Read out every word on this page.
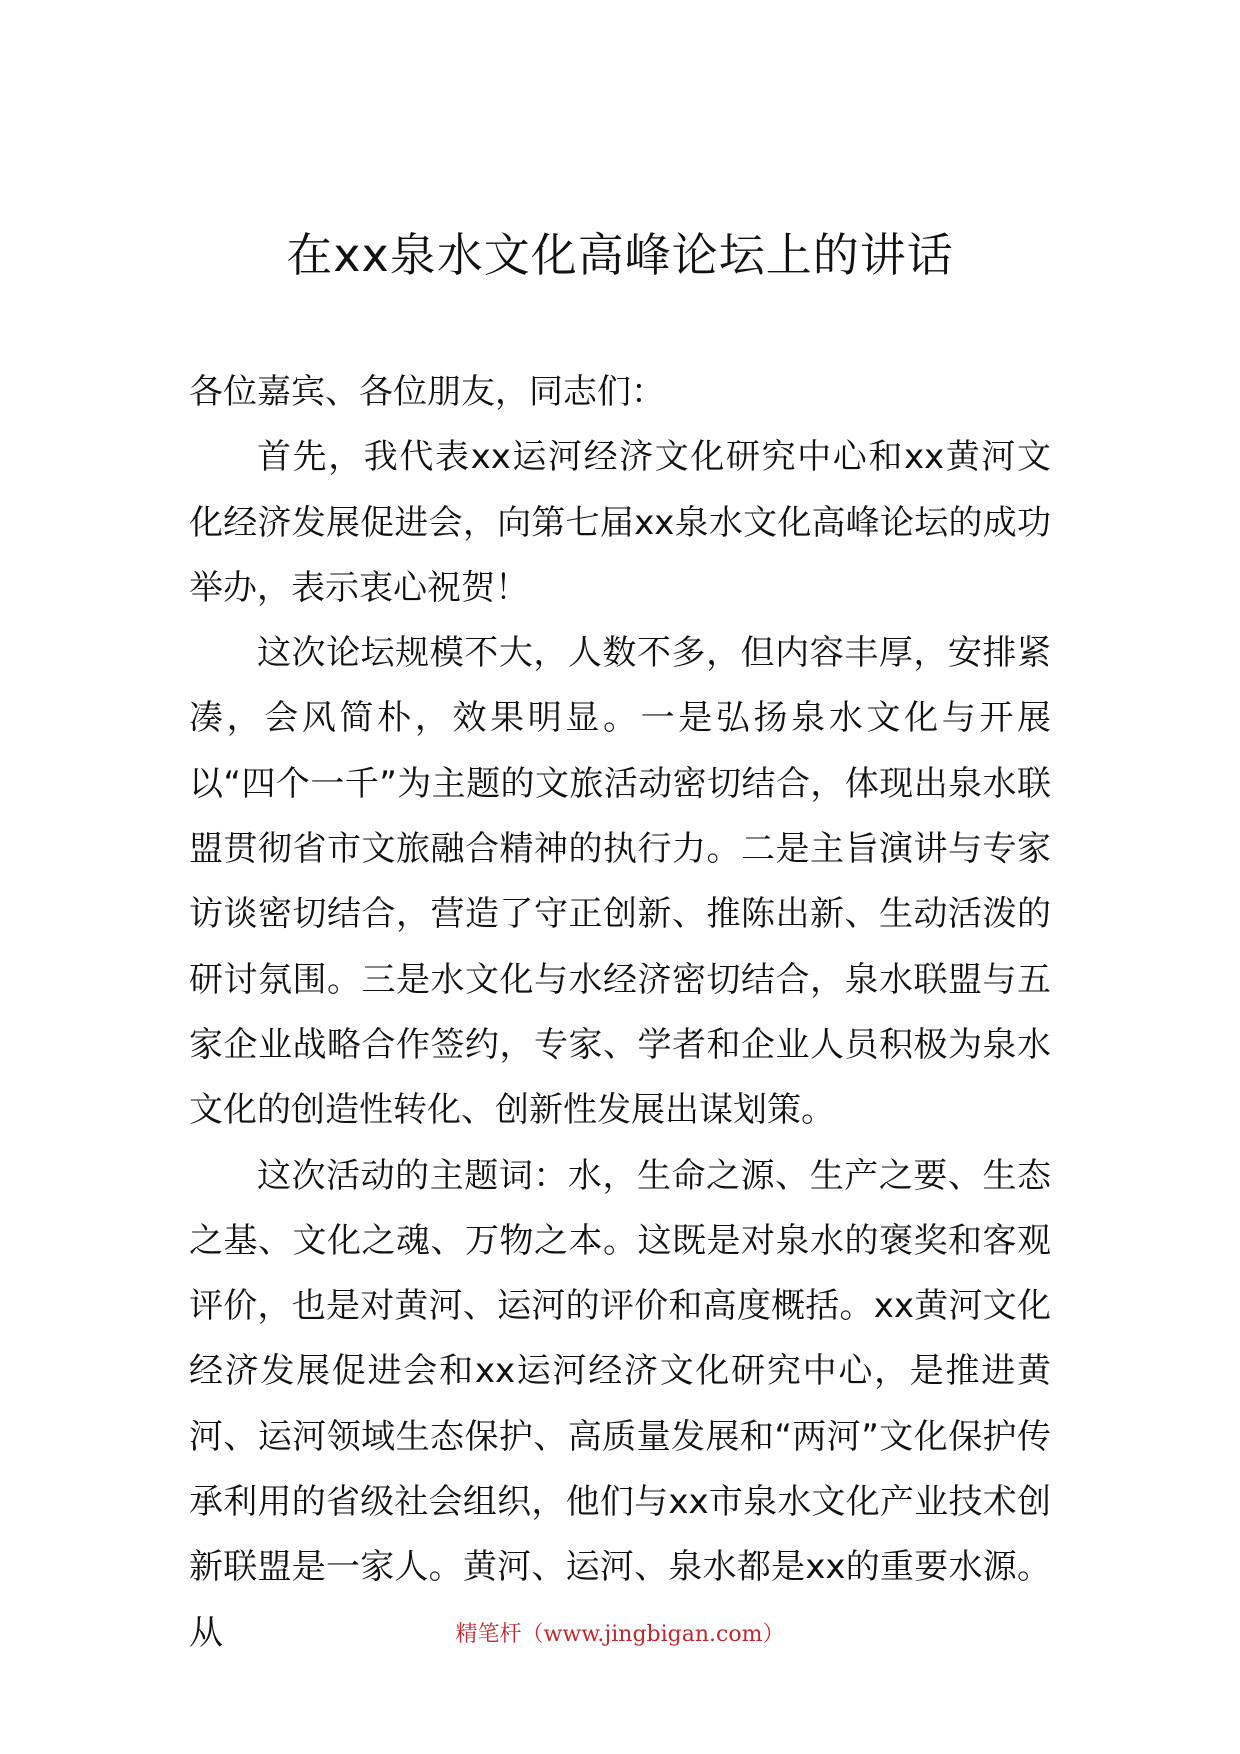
在xx泉水文化高峰论坛上的讲话

各位嘉宾、各位朋友，同志们：

首先，我代表xx运河经济文化研究中心和xx黄河文化经济发展促进会，向第七届xx泉水文化高峰论坛的成功举办，表示衷心祝贺！

这次论坛规模不大，人数不多，但内容丰厚，安排紧凑，会风简朴，效果明显。一是弘扬泉水文化与开展以“四个一千”为主题的文旅活动密切结合，体现出泉水联盟贯彻省市文旅融合精神的执行力。二是主旨演讲与专家访谈密切结合，营造了守正创新、推陈出新、生动活泼的研讨氛围。三是水文化与水经济密切结合，泉水联盟与五家企业战略合作签约，专家、学者和企业人员积极为泉水文化的创造性转化、创新性发展出谋划策。

这次活动的主题词：水，生命之源、生产之要、生态之基、文化之魂、万物之本。这既是对泉水的褒奖和客观评价，也是对黄河、运河的评价和高度概括。xx黄河文化经济发展促进会和xx运河经济文化研究中心，是推进黄河、运河领域生态保护、高质量发展和“两河”文化保护传承利用的省级社会组织，他们与xx市泉水文化产业技术创新联盟是一家人。黄河、运河、泉水都是xx的重要水源。从	精笔杆（www.jingbigan.com）
